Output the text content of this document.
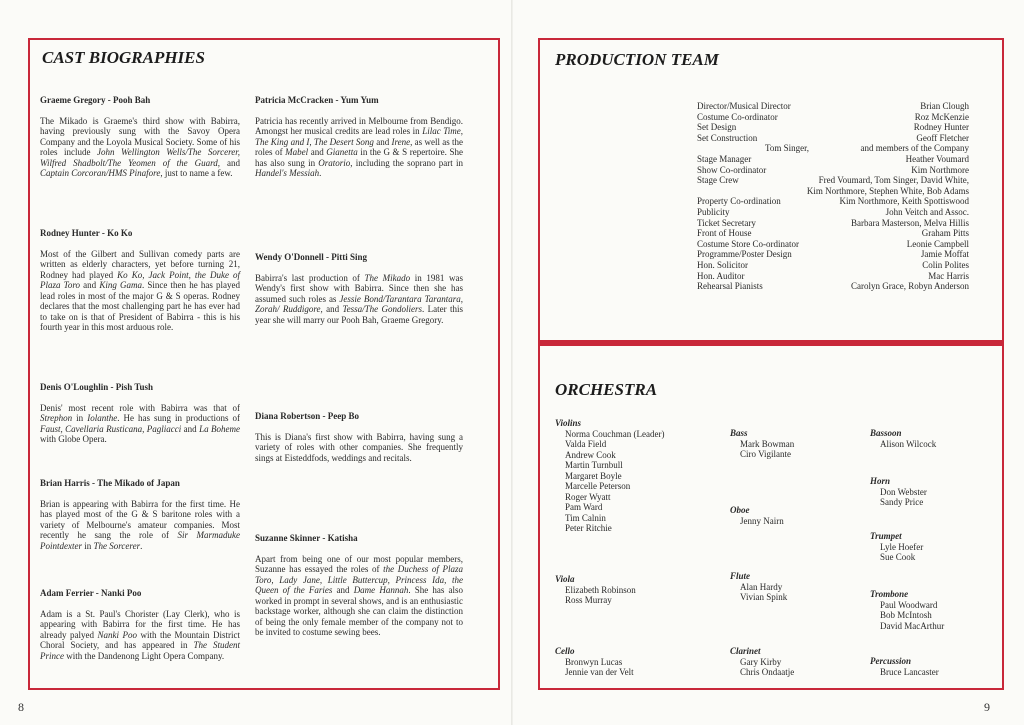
CAST BIOGRAPHIES

Graeme Gregory - Pooh Bah

The Mikado is Graeme's third show with Babirra, having previously sung with the Savoy Opera Company and the Loyola Musical Society. Some of his roles include John Wellington Wells/The Sorcerer, Wilfred Shadbolt/The Yeomen of the Guard, and Captain Corcoran/HMS Pinafore, just to name a few.

Rodney Hunter - Ko Ko

Most of the Gilbert and Sullivan comedy parts are written as elderly characters, yet before turning 21, Rodney had played Ko Ko, Jack Point, the Duke of Plaza Toro and King Gama. Since then he has played lead roles in most of the major G & S operas. Rodney declares that the most challenging part he has ever had to take on is that of President of Babirra - this is his fourth year in this most arduous role.

Denis O'Loughlin - Pish Tush

Denis' most recent role with Babirra was that of Strephon in Iolanthe. He has sung in productions of Faust, Cavellaria Rusticana, Pagliacci and La Boheme with Globe Opera.

Brian Harris - The Mikado of Japan

Brian is appearing with Babirra for the first time. He has played most of the G & S baritone roles with a variety of Melbourne's amateur companies. Most recently he sang the role of Sir Marmaduke Pointdexter in The Sorcerer.

Adam Ferrier - Nanki Poo

Adam is a St. Paul's Chorister (Lay Clerk), who is appearing with Babirra for the first time. He has already palyed Nanki Poo with the Mountain District Choral Society, and has appeared in The Student Prince with the Dandenong Light Opera Company.

Patricia McCracken - Yum Yum

Patricia has recently arrived in Melbourne from Bendigo. Amongst her musical credits are lead roles in Lilac Time, The King and I, The Desert Song and Irene, as well as the roles of Mabel and Gianetta in the G & S repertoire. She has also sung in Oratorio, including the soprano part in Handel's Messiah.

Wendy O'Donnell - Pitti Sing

Babirra's last production of The Mikado in 1981 was Wendy's first show with Babirra. Since then she has assumed such roles as Jessie Bond/Tarantara Tarantara, Zorah/ Ruddigore, and Tessa/The Gondoliers. Later this year she will marry our Pooh Bah, Graeme Gregory.

Diana Robertson - Peep Bo

This is Diana's first show with Babirra, having sung a variety of roles with other companies. She frequently sings at Eisteddfods, weddings and recitals.

Suzanne Skinner - Katisha

Apart from being one of our most popular members, Suzanne has essayed the roles of the Duchess of Plaza Toro, Lady Jane, Little Buttercup, Princess Ida, the Queen of the Faries and Dame Hannah. She has also worked in prompt in several shows, and is an enthusiastic backstage worker, although she can claim the distinction of being the only female member of the company not to be invited to costume sewing bees.

8	9
PRODUCTION TEAM
Director/Musical Director	Brian Clough
Costume Co-ordinator	Roz McKenzie
Set Design	Rodney Hunter
Set Construction	Geoff Fletcher
Tom Singer,	and members of the Company
Stage Manager	Heather Voumard
Show Co-ordinator	Kim Northmore
Stage Crew	Fred Voumard, Tom Singer, David White,
Kim Northmore, Stephen White, Bob Adams
Property Co-ordination	Kim Northmore, Keith Spottiswood
Publicity	John Veitch and Assoc.
Ticket Secretary	Barbara Masterson, Melva Hillis
Front of House	Graham Pitts
Costume Store Co-ordinator	Leonie Campbell
Programme/Poster Design	Jamie Moffat
Hon. Solicitor	Colin Polites
Hon. Auditor	Mac Harris
Rehearsal Pianists	Carolyn Grace, Robyn Anderson
ORCHESTRA

Violins

Norma Couchman (Leader)
Valda Field
Andrew Cook
Martin Turnbull
Margaret Boyle
Marcelle Peterson
Roger Wyatt
Pam Ward
Tim Calnin
Peter Ritchie

Viola

Elizabeth Robinson
Ross Murray

Cello

Bronwyn Lucas
Jennie van der Velt

Bass

Mark Bowman
Ciro Vigilante

Oboe

Jenny Nairn

Flute

Alan Hardy
Vivian Spink

Clarinet

Gary Kirby
Chris Ondaatje

Bassoon

Alison Wilcock

Horn

Don Webster
Sandy Price

Trumpet

Lyle Hoefer
Sue Cook

Trombone

Paul Woodward
Bob McIntosh
David MacArthur

Percussion

Bruce Lancaster
